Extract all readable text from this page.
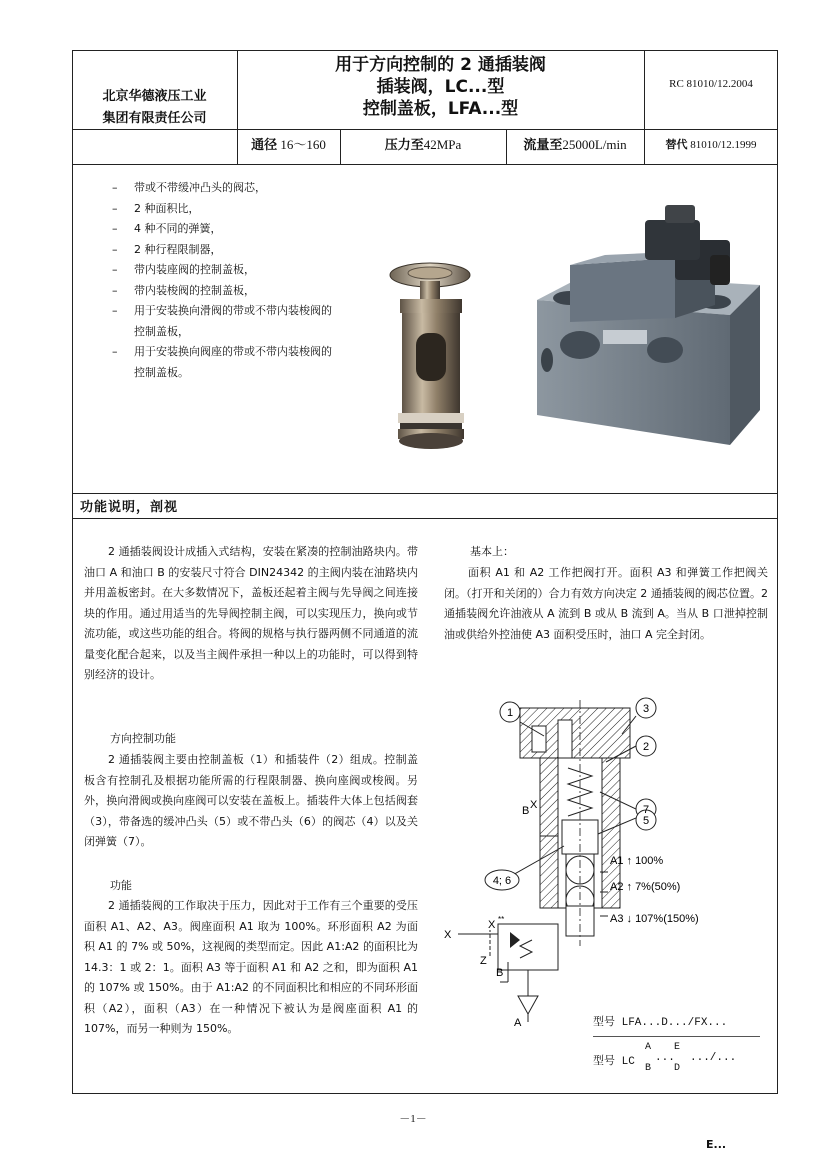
北京华德液压工业
集团有限责任公司
用于方向控制的 2 通插装阀
插装阀，LC...型
控制盖板，LFA...型
RC 81010/12.2004
通径 16～160	压力至42MPa	流量至25000L/min	替代 81010/12.1999
– 带或不带缓冲凸头的阀芯，
– 2 种面积比，
– 4 种不同的弹簧，
– 2 种行程限制器，
– 带内装座阀的控制盖板，
– 带内装梭阀的控制盖板，
– 用于安装换向滑阀的带或不带内装梭阀的控制盖板，
– 用于安装换向阀座的带或不带内装梭阀的控制盖板。
功能说明，剖视
2 通插装阀设计成插入式结构，安装在紧凑的控制油路块内。带油口 A 和油口 B 的安装尺寸符合 DIN24342 的主阀内装在油路块内并用盖板密封。在大多数情况下，盖板还起着主阀与先导阀之间连接块的作用。通过用适当的先导阀控制主阀，可以实现压力，换向或节流功能，或这些功能的组合。将阀的规格与执行器两侧不同通道的流量变化配合起来，以及当主阀件承担一种以上的功能时，可以得到特别经济的设计。
方向控制功能
2 通插装阀主要由控制盖板（1）和插装件（2）组成。控制盖板含有控制孔及根据功能所需的行程限制器、换向座阀或梭阀。另外，换向滑阀或换向座阀可以安装在盖板上。插装件大体上包括阀套（3），带备选的缓冲凸头（5）或不带凸头（6）的阀芯（4）以及关闭弹簧（7）。
功能
2 通插装阀的工作取决于压力，因此对于工作有三个重要的受压面积 A1、A2、A3。阀座面积 A1 取为 100%。环形面积 A2 为面积 A1 的 7% 或 50%，这视阀的类型而定。因此 A1:A2 的面积比为 14.3：1 或 2：1。面积 A3 等于面积 A1 和 A2 之和，即为面积 A1 的 107% 或 150%。由于 A1:A2 的不同面积比和相应的不同环形面积（A2），面积（A3）在一种情况下被认为是阀座面积 A1 的 107%，而另一种则为 150%。
基本上：
面积 A1 和 A2 工作把阀打开。面积 A3 和弹簧工作把阀关闭。（打开和关闭的）合力有效方向决定 2 通插装阀的阀芯位置。2 通插装阀允许油液从 A 流到 B 或从 B 流到 A。当从 B 口泄掉控制油或供给外控油使 A3 面积受压时，油口 A 完全封闭。
1	3
2
7
5
4; 6
X
B
X
X **
Z
B
A
A1 ↑ 100%
A2 ↑ 7%(50%)
A3 ↓ 107%(150%)
型号 LFA...D.../FX...
型号 LC
A
B
...
E
D
.../...
－1－
E...
